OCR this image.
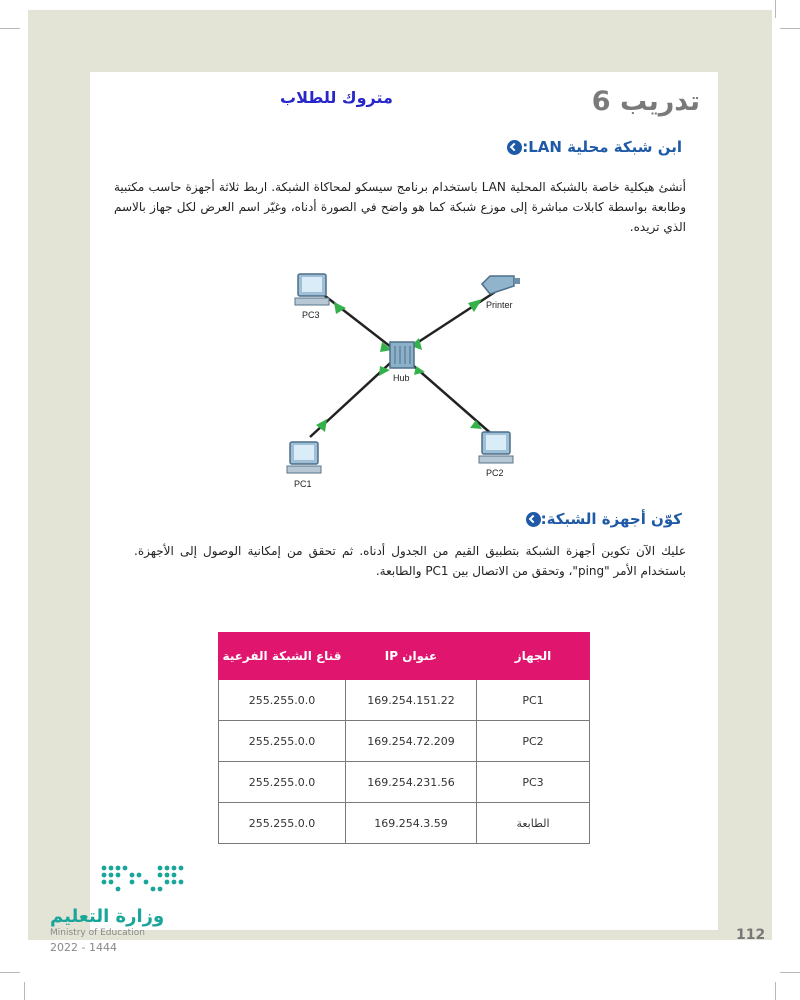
تدريب 6
متروك للطلاب
ابن شبكة محلية LAN:
أنشئ هيكلية خاصة بالشبكة المحلية LAN باستخدام برنامج سيسكو لمحاكاة الشبكة. اربط ثلاثة أجهزة حاسب مكتبية وطابعة بواسطة كابلات مباشرة إلى موزع شبكة كما هو واضح في الصورة أدناه، وغيّر اسم العرض لكل جهاز بالاسم الذي تريده.
PC3
Printer
Hub
PC1
PC2
كوّن أجهزة الشبكة:
عليك الآن تكوين أجهزة الشبكة بتطبيق القيم من الجدول أدناه. ثم تحقق من إمكانية الوصول إلى الأجهزة. باستخدام الأمر "ping"، وتحقق من الاتصال بين PC1 والطابعة.
الجهاز	عنوان IP	قناع الشبكة الفرعية
PC1	169.254.151.22	255.255.0.0
PC2	169.254.72.209	255.255.0.0
PC3	169.254.231.56	255.255.0.0
الطابعة	169.254.3.59	255.255.0.0
وزارة التعليم
Ministry of Education
2022 - 1444
112
